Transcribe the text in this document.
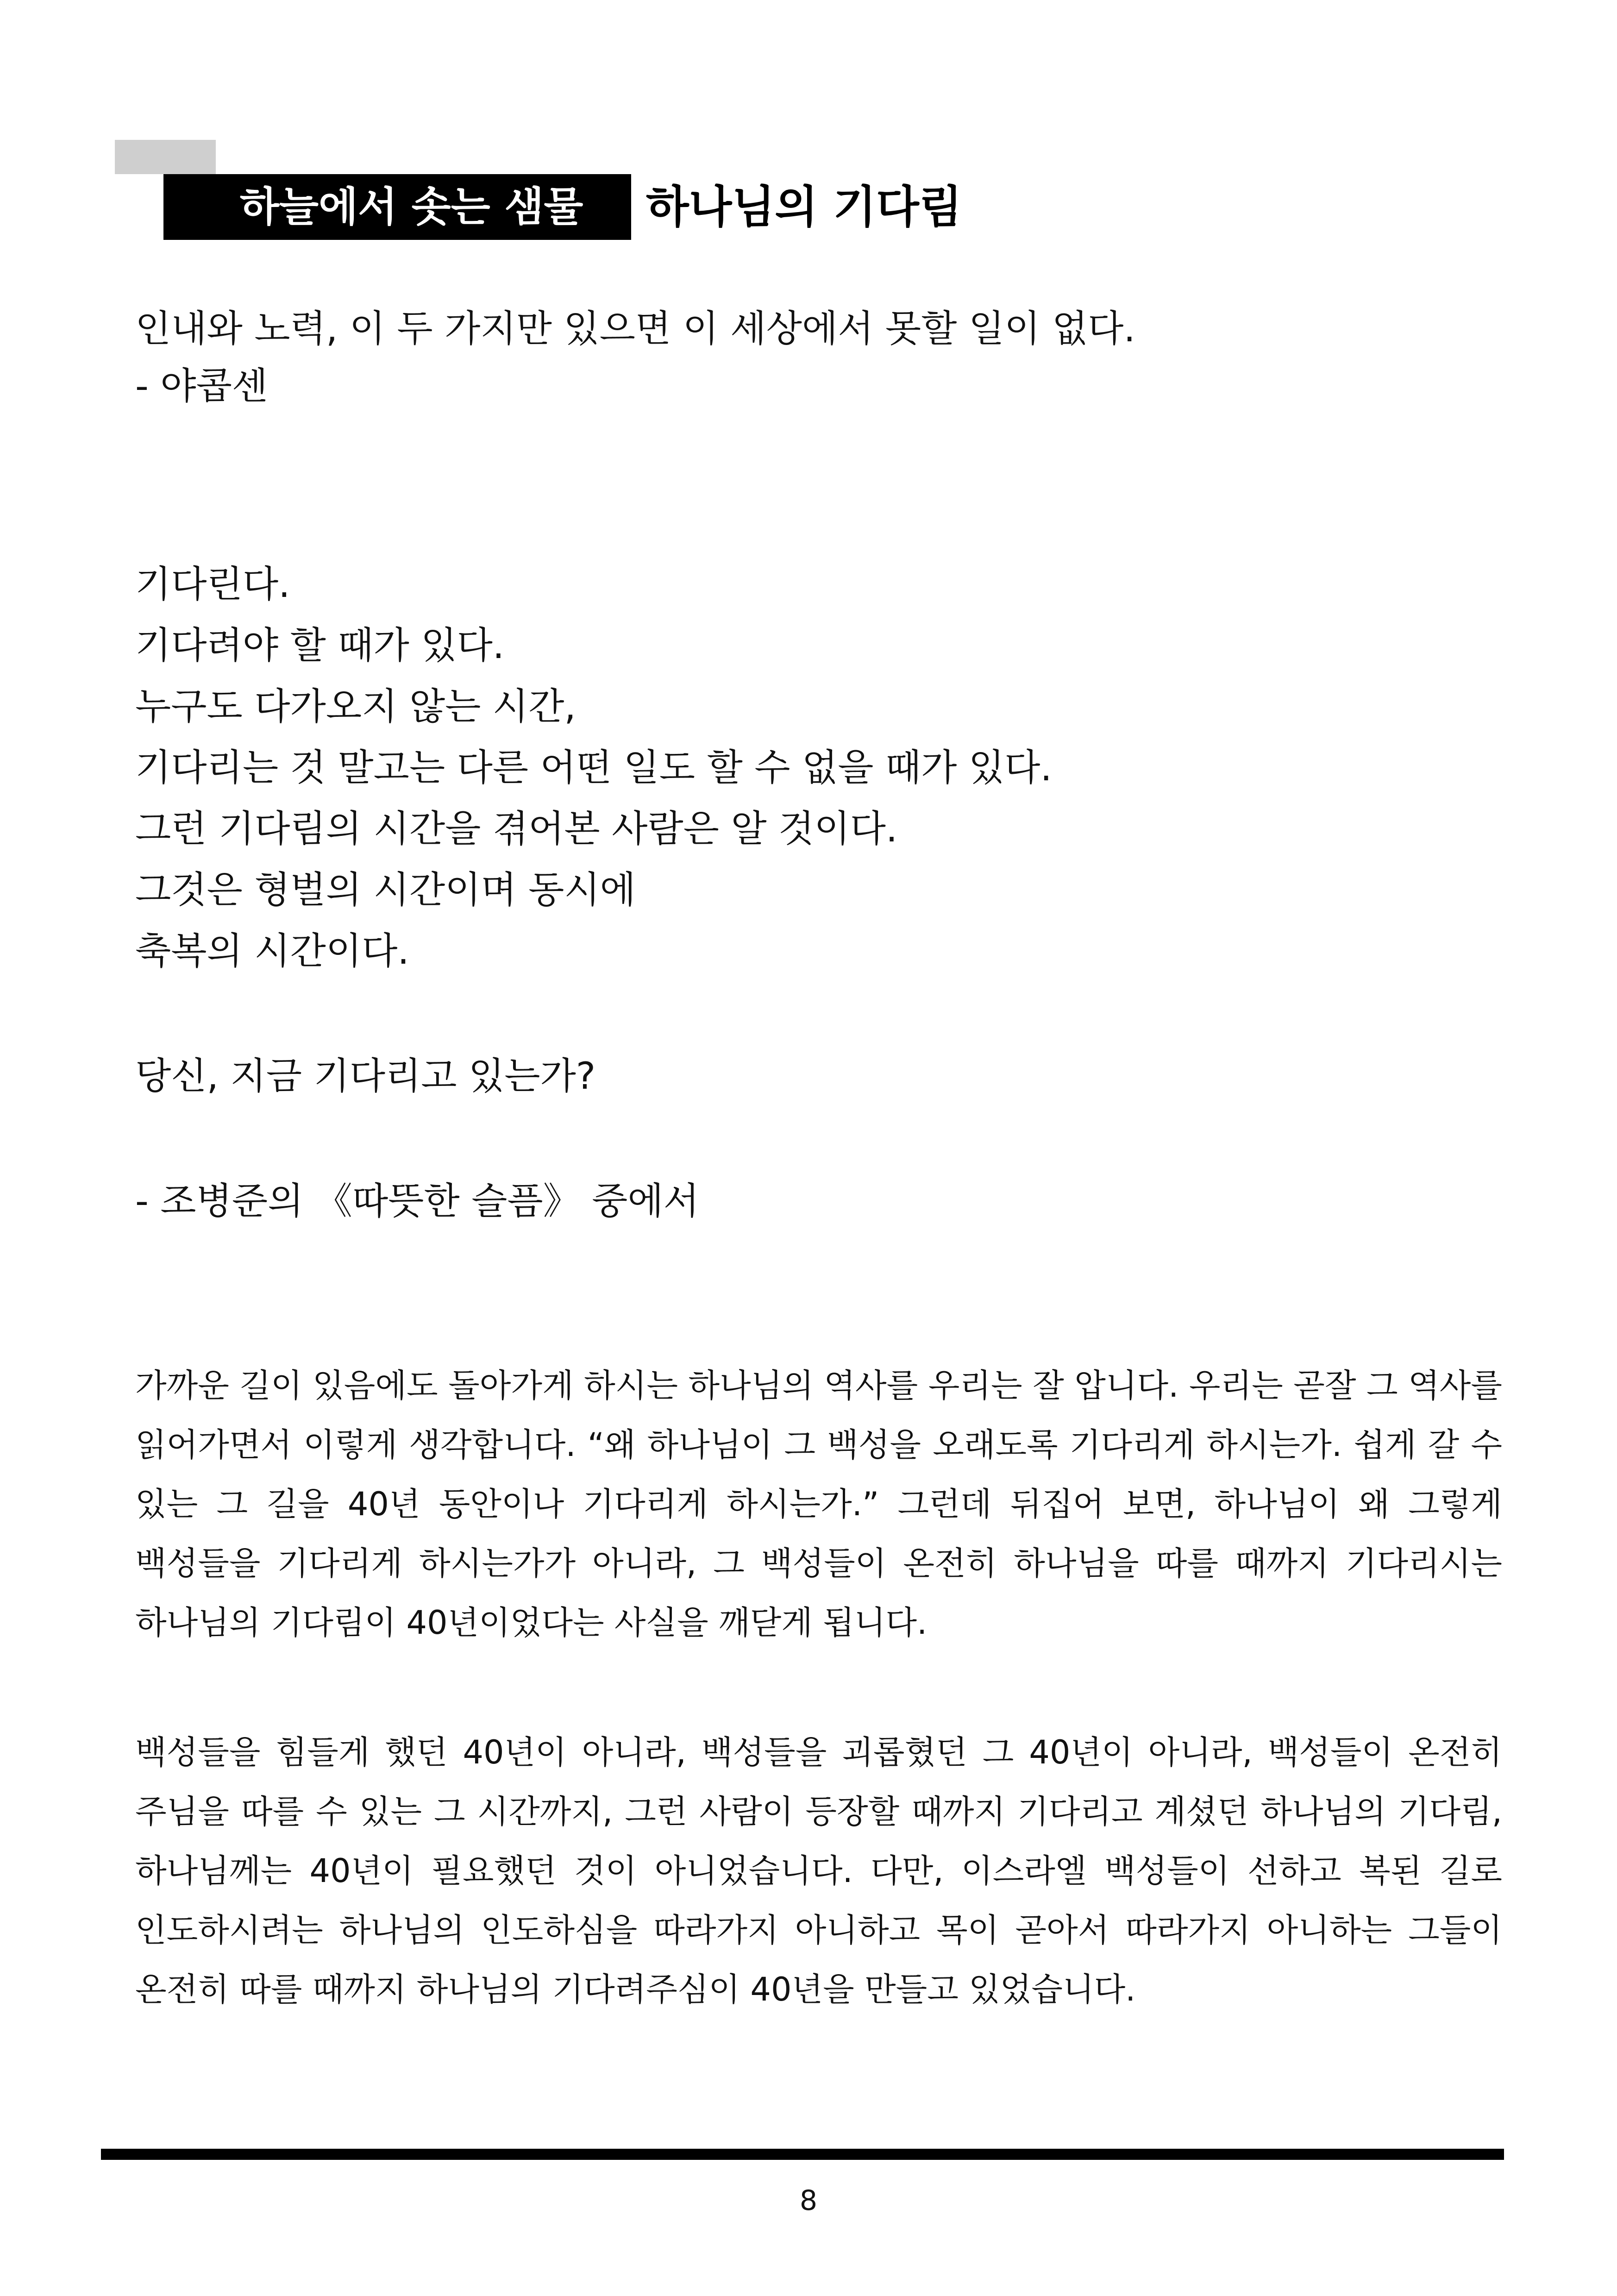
하늘에서 솟는 샘물	하나님의 기다림
인내와 노력, 이 두 가지만 있으면 이 세상에서 못할 일이 없다.
- 야콥센
기다린다.
기다려야 할 때가 있다.
누구도 다가오지 않는 시간,
기다리는 것 말고는 다른 어떤 일도 할 수 없을 때가 있다.
그런 기다림의 시간을 겪어본 사람은 알 것이다.
그것은 형벌의 시간이며 동시에
축복의 시간이다.
당신, 지금 기다리고 있는가?
- 조병준의 《따뜻한 슬픔》 중에서

가까운 길이 있음에도 돌아가게 하시는 하나님의 역사를 우리는 잘 압니다. 우리는 곧잘 그 역사를 읽어가면서 이렇게 생각합니다. “왜 하나님이 그 백성을 오래도록 기다리게 하시는가. 쉽게 갈 수 있는 그 길을 40년 동안이나 기다리게 하시는가.” 그런데 뒤집어 보면, 하나님이 왜 그렇게 백성들을 기다리게 하시는가가 아니라, 그 백성들이 온전히 하나님을 따를 때까지 기다리시는 하나님의 기다림이 40년이었다는 사실을 깨닫게 됩니다.

백성들을 힘들게 했던 40년이 아니라, 백성들을 괴롭혔던 그 40년이 아니라, 백성들이 온전히 주님을 따를 수 있는 그 시간까지, 그런 사람이 등장할 때까지 기다리고 계셨던 하나님의 기다림, 하나님께는 40년이 필요했던 것이 아니었습니다. 다만, 이스라엘 백성들이 선하고 복된 길로 인도하시려는 하나님의 인도하심을 따라가지 아니하고 목이 곧아서 따라가지 아니하는 그들이 온전히 따를 때까지 하나님의 기다려주심이 40년을 만들고 있었습니다.

8
